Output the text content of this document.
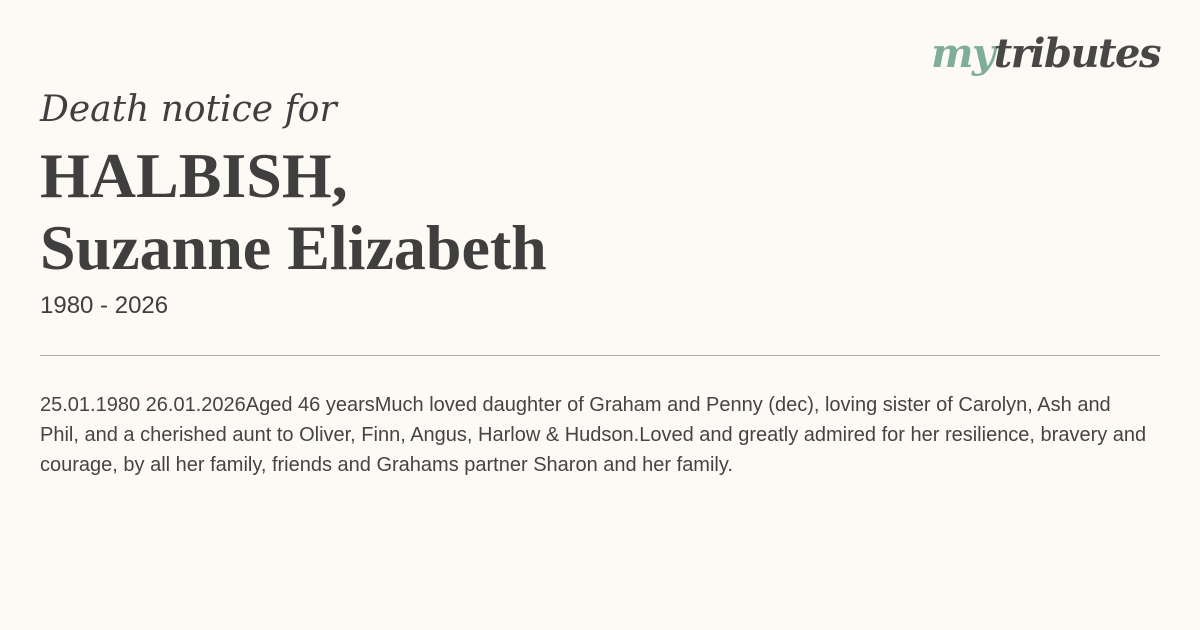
mytributes
Death notice for
HALBISH,
Suzanne Elizabeth
1980 - 2026

25.01.1980 26.01.2026Aged 46 yearsMuch loved daughter of Graham and Penny (dec), loving sister of Carolyn, Ash and Phil, and a cherished aunt to Oliver, Finn, Angus, Harlow & Hudson.Loved and greatly admired for her resilience, bravery and courage, by all her family, friends and Grahams partner Sharon and her family.
